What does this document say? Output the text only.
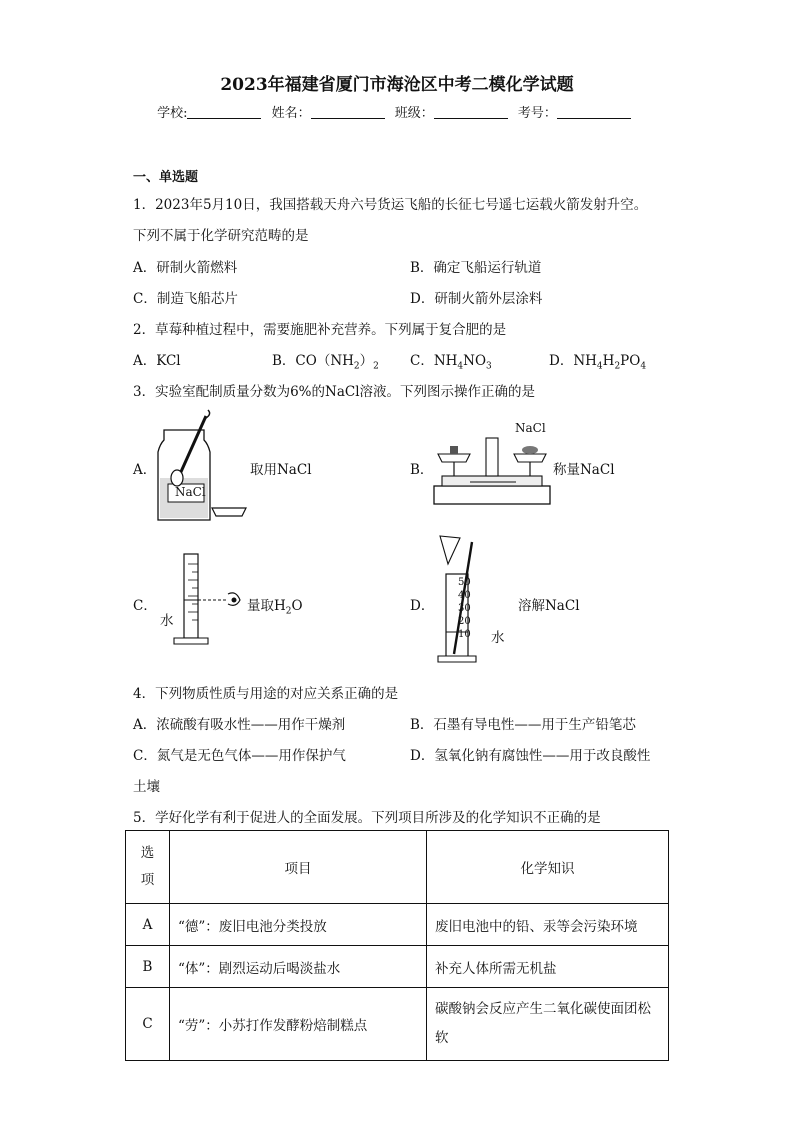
2023年福建省厦门市海沧区中考二模化学试题
学校:	姓名：	班级：	考号：
一、单选题
1．2023年5月10日，我国搭载天舟六号货运飞船的长征七号遥七运载火箭发射升空。
下列不属于化学研究范畴的是
A．研制火箭燃料	B．确定飞船运行轨道
C．制造飞船芯片	D．研制火箭外层涂料
2．草莓种植过程中，需要施肥补充营养。下列属于复合肥的是
A．KCl	B．$CO(NH_2)_2$ C．$NH_4NO_3$	D．$NH_4H_2PO_4$
3．实验室配制质量分数为6%的NaCl溶液。下列图示操作正确的是
A．
NaCl
取用NaCl	B．
NaCl
称量NaCl
C．
水
量取$H_2O$	D．
50
40
30
20
10 水
溶解NaCl
4．下列物质性质与用途的对应关系正确的是
A．浓硫酸有吸水性——用作干燥剂	B．石墨有导电性——用于生产铅笔芯
C．氮气是无色气体——用作保护气	D．氢氧化钠有腐蚀性——用于改良酸性
土壤
5．学好化学有利于促进人的全面发展。下列项目所涉及的化学知识不正确的是
选
项	项目	化学知识
A	“德”：废旧电池分类投放	废旧电池中的铅、汞等会污染环境
B	“体”：剧烈运动后喝淡盐水	补充人体所需无机盐
C	“劳”：小苏打作发酵粉焙制糕点	碳酸钠会反应产生二氧化碳使面团松
软
